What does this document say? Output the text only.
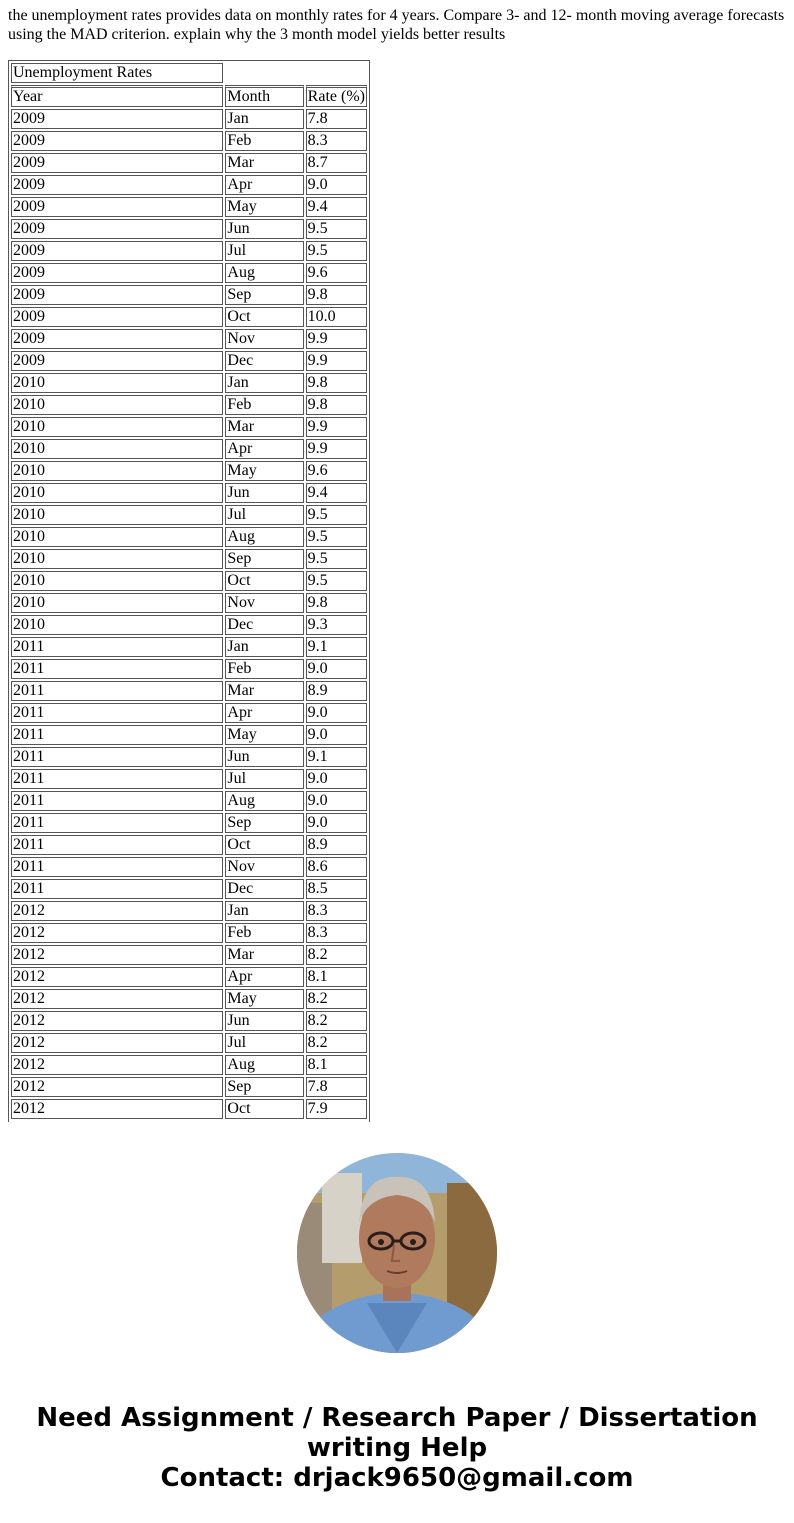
the unemployment rates provides data on monthly rates for 4 years. Compare 3- and 12- month moving average forecasts using the MAD criterion. explain why the 3 month model yields better results
Unemployment Rates		
Year	Month	Rate (%)
2009	Jan	7.8
2009	Feb	8.3
2009	Mar	8.7
2009	Apr	9.0
2009	May	9.4
2009	Jun	9.5
2009	Jul	9.5
2009	Aug	9.6
2009	Sep	9.8
2009	Oct	10.0
2009	Nov	9.9
2009	Dec	9.9
2010	Jan	9.8
2010	Feb	9.8
2010	Mar	9.9
2010	Apr	9.9
2010	May	9.6
2010	Jun	9.4
2010	Jul	9.5
2010	Aug	9.5
2010	Sep	9.5
2010	Oct	9.5
2010	Nov	9.8
2010	Dec	9.3
2011	Jan	9.1
2011	Feb	9.0
2011	Mar	8.9
2011	Apr	9.0
2011	May	9.0
2011	Jun	9.1
2011	Jul	9.0
2011	Aug	9.0
2011	Sep	9.0
2011	Oct	8.9
2011	Nov	8.6
2011	Dec	8.5
2012	Jan	8.3
2012	Feb	8.3
2012	Mar	8.2
2012	Apr	8.1
2012	May	8.2
2012	Jun	8.2
2012	Jul	8.2
2012	Aug	8.1
2012	Sep	7.8
2012	Oct	7.9
Need Assignment / Research Paper / Dissertation
writing Help
Contact: drjack9650@gmail.com
